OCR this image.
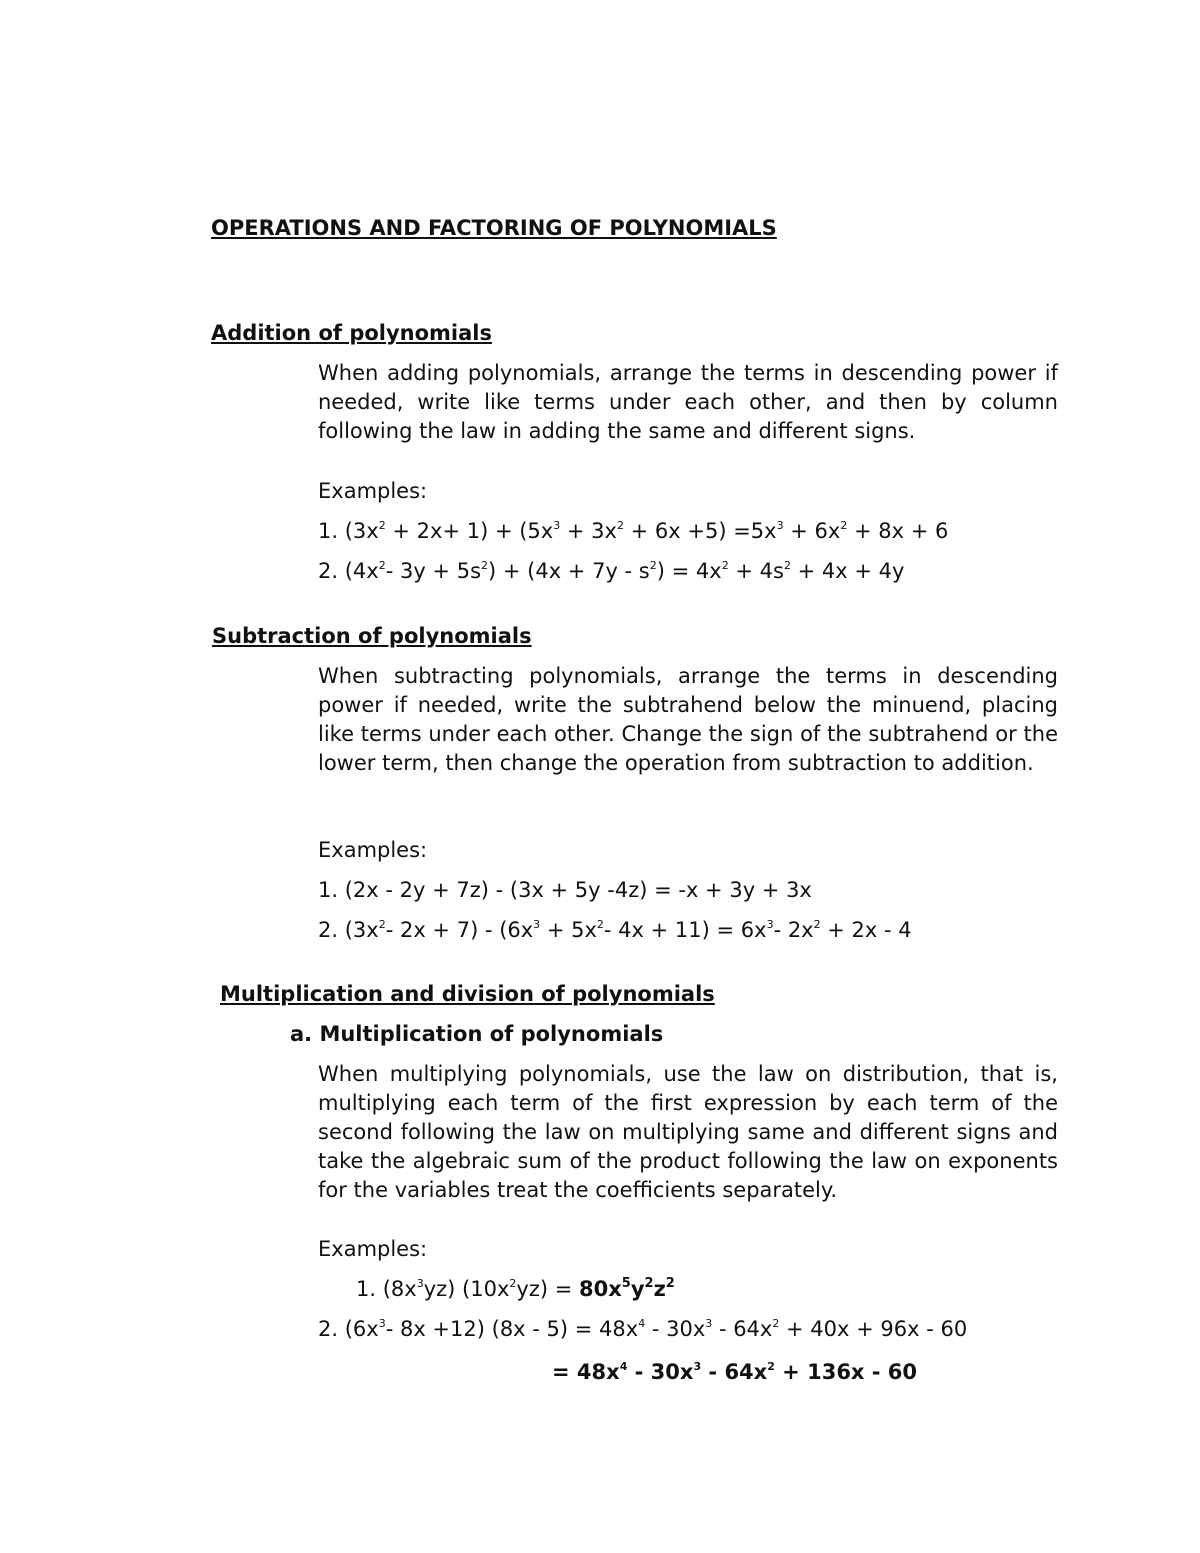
OPERATIONS AND FACTORING OF POLYNOMIALS
Addition of polynomials
When adding polynomials, arrange the terms in descending power if needed, write like terms under each other, and then by column following the law in adding the same and different signs.
Examples:
1. $(3x^2 + 2x+ 1) + (5x^3 + 3x^2 + 6x +5) =5x^3 + 6x^2 + 8x + 6$
2. ($4x^2-$ $3y + 5s^2) + (4x + 7y - s^2) = 4x^2 + 4s^2 + 4x + 4y$
Subtraction of polynomials
When subtracting polynomials, arrange the terms in descending power if needed, write the subtrahend below the minuend, placing like terms under each other. Change the sign of the subtrahend or the lower term, then change the operation from subtraction to addition.
Examples:
1. (2x - 2y + 7z) - (3x + 5y -4z) = -x + 3y + 3x
2. ($3x^2-$ $2x + 7) - (6x^3 + 5x^2-$ $4x + 11) = 6x^3-$ $2x^2 + 2x - 4$
Multiplication and division of polynomials
a. Multiplication of polynomials
When multiplying polynomials, use the law on distribution, that is, multiplying each term of the first expression by each term of the second following the law on multiplying same and different signs and take the algebraic sum of the product following the law on exponents for the variables treat the coefficients separately.
Examples:
1. $(8x^3yz) (10x^2yz) = 80x^5y^2z^2$
2. ($6x^3-$ 8x +12) $(8x - 5) = 48x^4 - 30x^3 - 64x^2 + 40x + 96x - 60$
= $48x^4 - 30x^3 - 64x^2 + 136x - 60$
